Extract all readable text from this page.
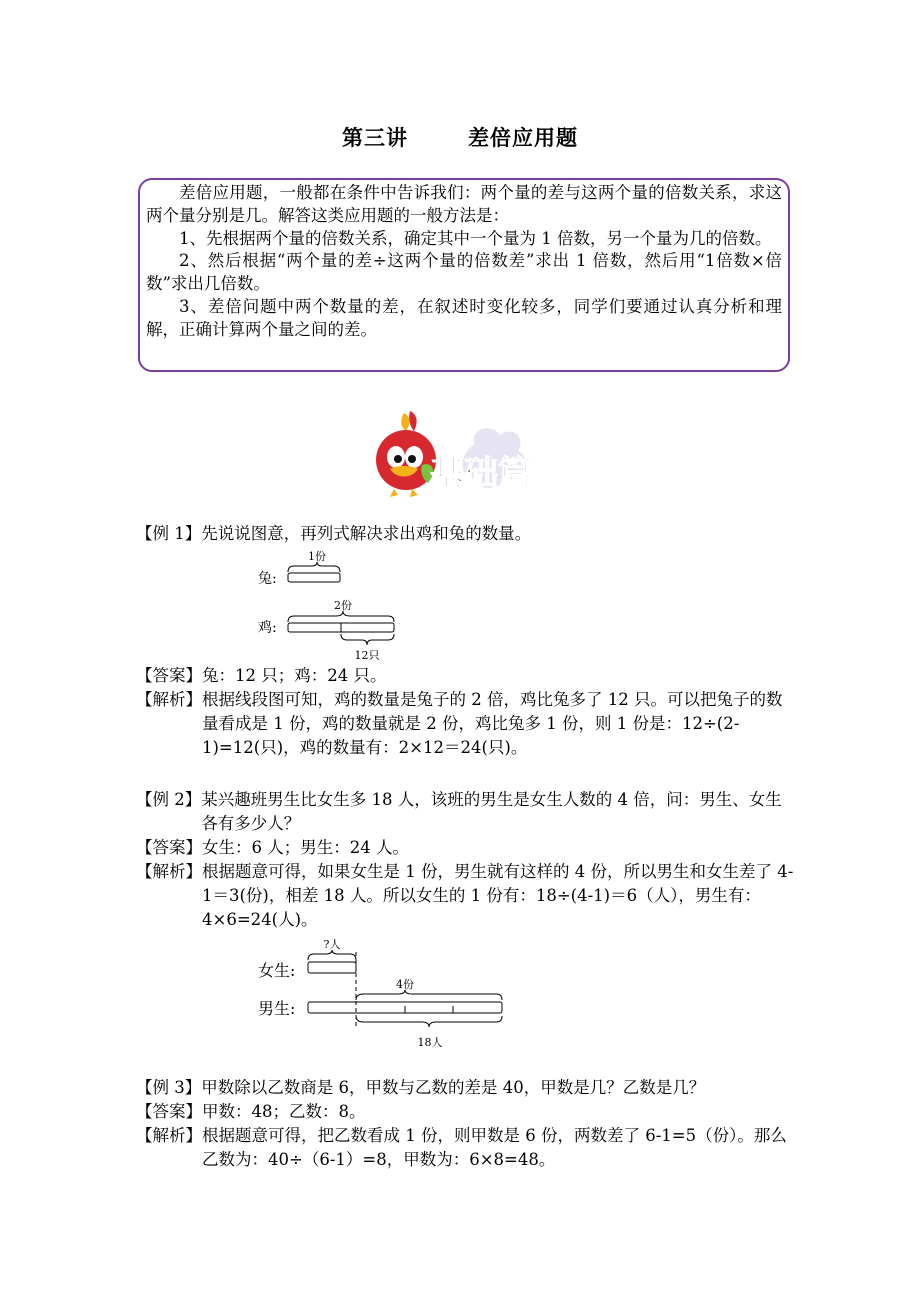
第三讲	差倍应用题

差倍应用题，一般都在条件中告诉我们：两个量的差与这两个量的倍数关系，求这两个量分别是几。解答这类应用题的一般方法是：

1、先根据两个量的倍数关系，确定其中一个量为 1 倍数，另一个量为几的倍数。

2、然后根据“两个量的差÷这两个量的倍数差”求出 1 倍数，然后用“1倍数×倍数”求出几倍数。

3、差倍问题中两个数量的差，在叙述时变化较多，同学们要通过认真分析和理解，正确计算两个量之间的差。

基础篇
【例 1】 先说说图意，再列式解决求出鸡和兔的数量。
1份
兔:
2份
鸡:
12只
【答案】 兔：12 只；鸡：24 只。
【解析】 根据线段图可知，鸡的数量是兔子的 2 倍，鸡比兔多了 12 只。可以把兔子的数量看成是 1 份，鸡的数量就是 2 份，鸡比兔多 1 份，则 1 份是：12÷(2-1)=12(只)，鸡的数量有：2×12＝24(只)。
【例 2】 某兴趣班男生比女生多 18 人，该班的男生是女生人数的 4 倍，问：男生、女生各有多少人？
【答案】 女生：6 人；男生：24 人。
【解析】 根据题意可得，如果女生是 1 份，男生就有这样的 4 份，所以男生和女生差了 4-1＝3(份)，相差 18 人。所以女生的 1 份有：18÷(4-1)＝6（人），男生有：4×6=24(人)。
?人
女生:
4份
男生:
18人
【例 3】 甲数除以乙数商是 6，甲数与乙数的差是 40，甲数是几？乙数是几？
【答案】 甲数：48；乙数：8。
【解析】 根据题意可得，把乙数看成 1 份，则甲数是 6 份，两数差了 6-1=5（份）。那么乙数为：40÷（6-1）=8，甲数为：6×8=48。
